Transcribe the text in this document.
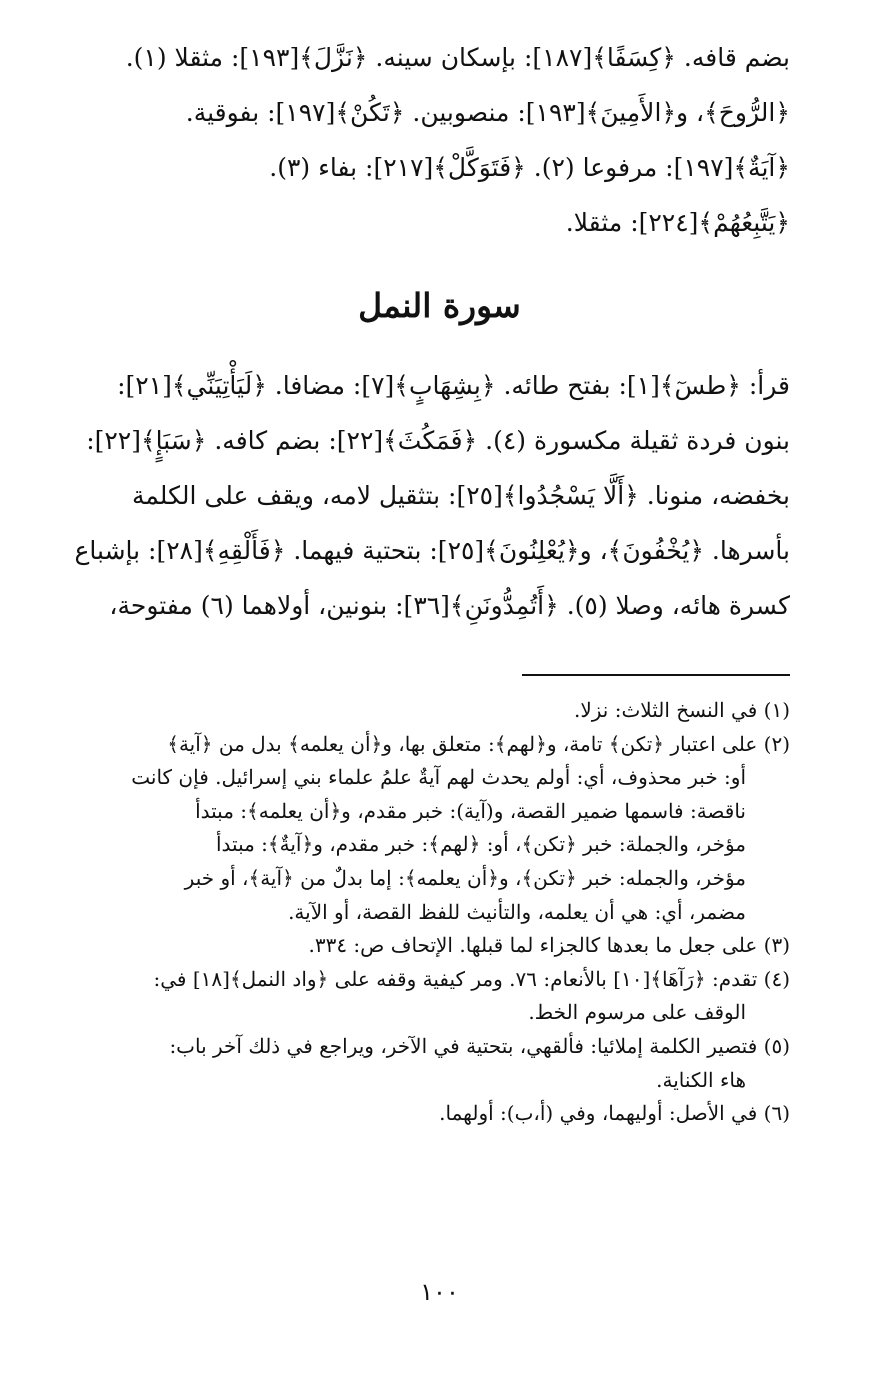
بضم قافه. ﴿كِسَفًا﴾[١٨٧]: بإسكان سينه. ﴿نَزَّلَ﴾[١٩٣]: مثقلا (١).
﴿الرُّوحَ﴾، و﴿الأَمِينَ﴾[١٩٣]: منصوبين. ﴿تَكُنْ﴾[١٩٧]: بفوقية.
﴿آيَةٌ﴾[١٩٧]: مرفوعا (٢). ﴿فَتَوَكَّلْ﴾[٢١٧]: بفاء (٣).
﴿يَتَّبِعُهُمْ﴾[٢٢٤]: مثقلا.
سورة النمل
قرأ: ﴿طسٓ﴾[١]: بفتح طائه. ﴿بِشِهَابٍ﴾[٧]: مضافا. ﴿لَيَأْتِيَنِّي﴾[٢١]:
بنون فردة ثقيلة مكسورة (٤). ﴿فَمَكُثَ﴾[٢٢]: بضم كافه. ﴿سَبَإٍ﴾[٢٢]:
بخفضه، منونا. ﴿أَلَّا يَسْجُدُوا﴾[٢٥]: بتثقيل لامه، ويقف على الكلمة
بأسرها. ﴿يُخْفُونَ﴾، و﴿يُعْلِنُونَ﴾[٢٥]: بتحتية فيهما. ﴿فَأَلْقِهِ﴾[٢٨]: بإشباع
كسرة هائه، وصلا (٥). ﴿أَتُمِدُّونَنِ﴾[٣٦]: بنونين، أولاهما (٦) مفتوحة،
(١) في النسخ الثلاث: نزلا.
(٢) على اعتبار ﴿تكن﴾ تامة، و﴿لهم﴾: متعلق بها، و﴿أن يعلمه﴾ بدل من ﴿آية﴾
أو: خبر محذوف، أي: أولم يحدث لهم آيةٌ علمُ علماء بني إسرائيل. فإن كانت
ناقصة: فاسمها ضمير القصة، و(آية): خبر مقدم، و﴿أن يعلمه﴾: مبتدأ
مؤخر، والجملة: خبر ﴿تكن﴾، أو: ﴿لهم﴾: خبر مقدم، و﴿آيةٌ﴾: مبتدأ
مؤخر، والجمله: خبر ﴿تكن﴾، و﴿أن يعلمه﴾: إما بدلٌ من ﴿آية﴾، أو خبر
مضمر، أي: هي أن يعلمه، والتأنيث للفظ القصة، أو الآية.
(٣) على جعل ما بعدها كالجزاء لما قبلها. الإتحاف ص: ٣٣٤.
(٤) تقدم: ﴿رَآهَا﴾[١٠] بالأنعام: ٧٦. ومر كيفية وقفه على ﴿واد النمل﴾[١٨] في:
الوقف على مرسوم الخط.
(٥) فتصير الكلمة إملائيا: فألقهي، بتحتية في الآخر، ويراجع في ذلك آخر باب:
هاء الكناية.
(٦) في الأصل: أوليهما، وفي (أ،ب): أولهما.
١٠٠
